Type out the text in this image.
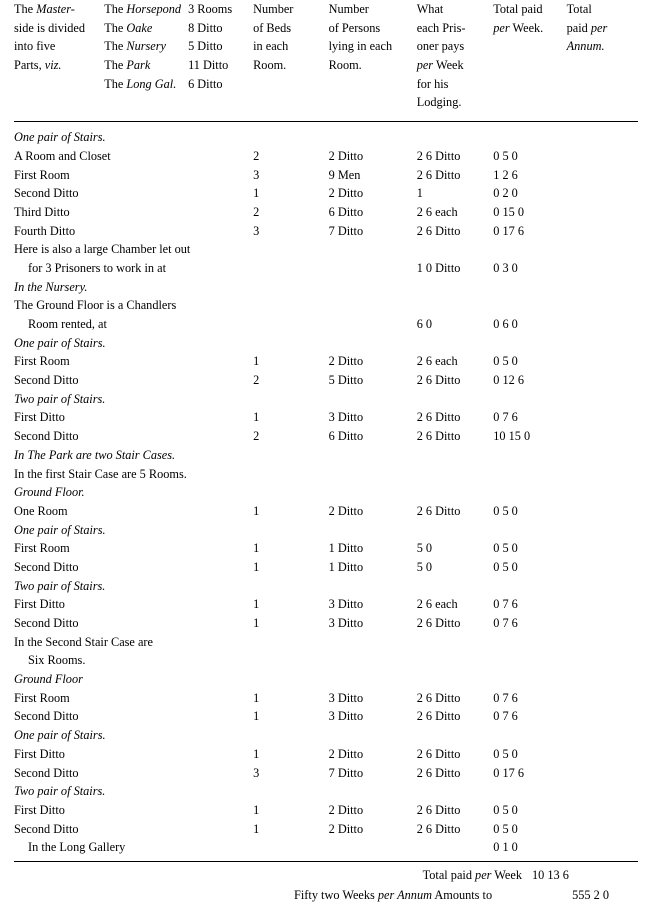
The Master-
side is divided
into five
Parts, viz.

The Horsepond
The Oake
The Nursery
The Park
The Long Gal.

3 Rooms
8 Ditto
5 Ditto
11 Ditto
6 Ditto

Number
of Beds
in each
Room.

Number
of Persons
lying in each
Room.

What
each Pris-
oner pays
per Week
for his
Lodging.

Total paid
per Week.

Total
paid per
Annum.

One pair of Stairs.							
A Room and Closet			2	2 Ditto	2 6 Ditto	0 5 0	
First Room			3	9 Men	2 6 Ditto	1 2 6	
Second Ditto			1	2 Ditto	1	0 2 0	
Third Ditto			2	6 Ditto	2 6 each	0 15 0	
Fourth Ditto			3	7 Ditto	2 6 Ditto	0 17 6	
Here is also a large Chamber let out							
for 3 Prisoners to work in at					1 0 Ditto	0 3 0	
In the Nursery.							
The Ground Floor is a Chandlers							
Room rented, at					6 0	0 6 0	
One pair of Stairs.							
First Room			1	2 Ditto	2 6 each	0 5 0	
Second Ditto			2	5 Ditto	2 6 Ditto	0 12 6	
Two pair of Stairs.							
First Ditto			1	3 Ditto	2 6 Ditto	0 7 6	
Second Ditto			2	6 Ditto	2 6 Ditto	10 15 0	
In The Park are two Stair Cases.							
In the first Stair Case are 5 Rooms.							
Ground Floor.							
One Room			1	2 Ditto	2 6 Ditto	0 5 0	
One pair of Stairs.							
First Room			1	1 Ditto	5 0	0 5 0	
Second Ditto			1	1 Ditto	5 0	0 5 0	
Two pair of Stairs.							
First Ditto			1	3 Ditto	2 6 each	0 7 6	
Second Ditto			1	3 Ditto	2 6 Ditto	0 7 6	
In the Second Stair Case are							
Six Rooms.							
Ground Floor							
First Room			1	3 Ditto	2 6 Ditto	0 7 6	
Second Ditto			1	3 Ditto	2 6 Ditto	0 7 6	
One pair of Stairs.							
First Ditto			1	2 Ditto	2 6 Ditto	0 5 0	
Second Ditto			3	7 Ditto	2 6 Ditto	0 17 6	
Two pair of Stairs.							
First Ditto			1	2 Ditto	2 6 Ditto	0 5 0	
Second Ditto			1	2 Ditto	2 6 Ditto	0 5 0	
In the Long Gallery						0 1 0	
Total paid per Week 10 13 6
Fifty two Weeks per Annum Amounts to	555 2 0
